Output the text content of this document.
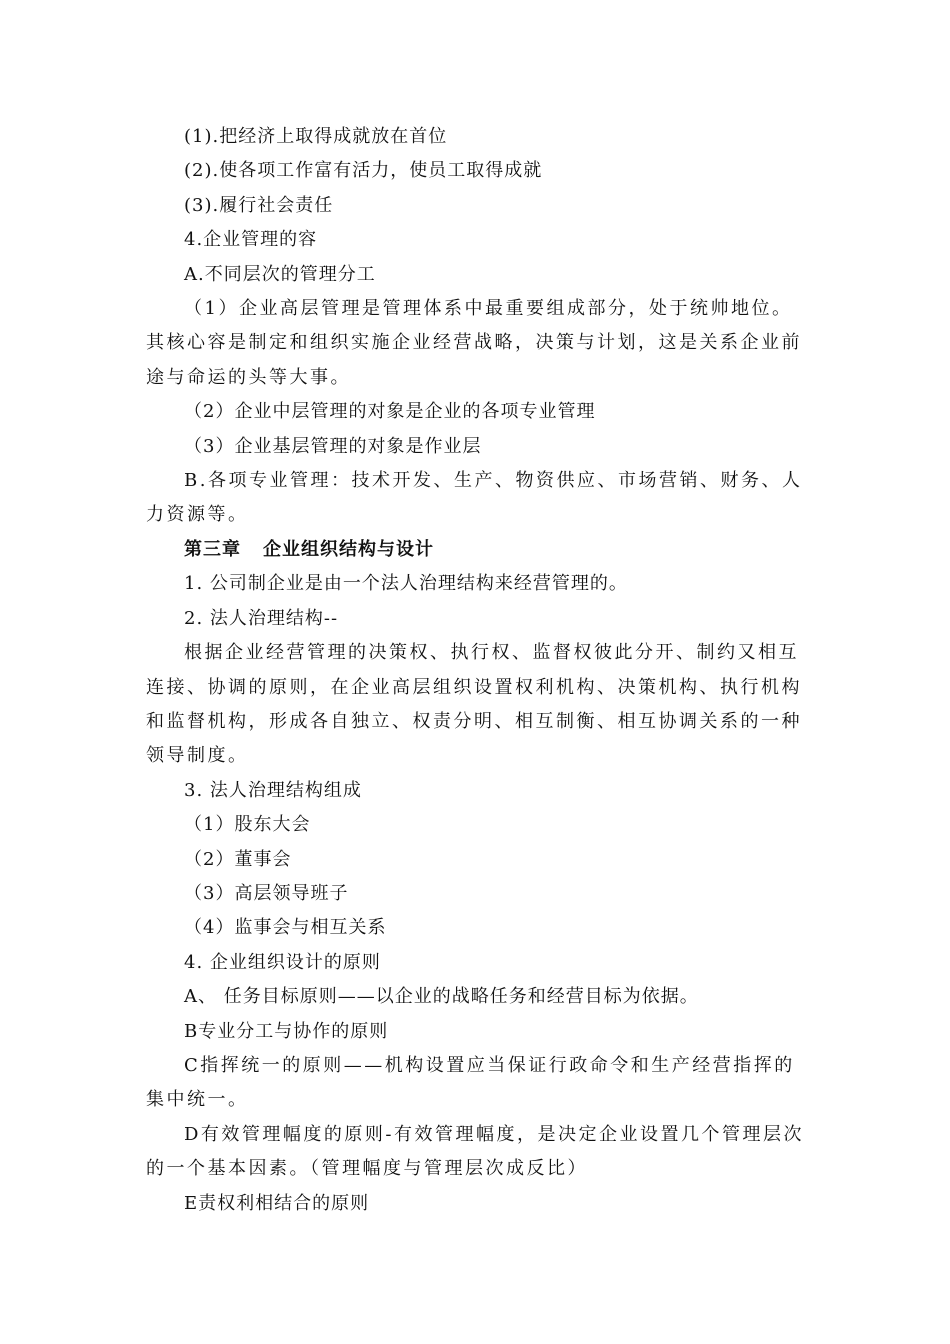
(1).把经济上取得成就放在首位

(2).使各项工作富有活力，使员工取得成就

(3).履行社会责任

4.企业管理的容

A.不同层次的管理分工

（1）企业高层管理是管理体系中最重要组成部分，处于统帅地位。其核心容是制定和组织实施企业经营战略，决策与计划，这是关系企业前途与命运的头等大事。

（2）企业中层管理的对象是企业的各项专业管理

（3）企业基层管理的对象是作业层

B.各项专业管理：技术开发、生产、物资供应、市场营销、财务、人力资源等。

第三章 企业组织结构与设计

1. 公司制企业是由一个法人治理结构来经营管理的。

2. 法人治理结构--

根据企业经营管理的决策权、执行权、监督权彼此分开、制约又相互连接、协调的原则，在企业高层组织设置权利机构、决策机构、执行机构和监督机构，形成各自独立、权责分明、相互制衡、相互协调关系的一种领导制度。

3. 法人治理结构组成

（1）股东大会

（2）董事会

（3）高层领导班子

（4）监事会与相互关系

4. 企业组织设计的原则

A、 任务目标原则——以企业的战略任务和经营目标为依据。

B专业分工与协作的原则

C指挥统一的原则——机构设置应当保证行政命令和生产经营指挥的集中统一。

D有效管理幅度的原则-有效管理幅度，是决定企业设置几个管理层次的一个基本因素。（管理幅度与管理层次成反比）

E责权利相结合的原则
